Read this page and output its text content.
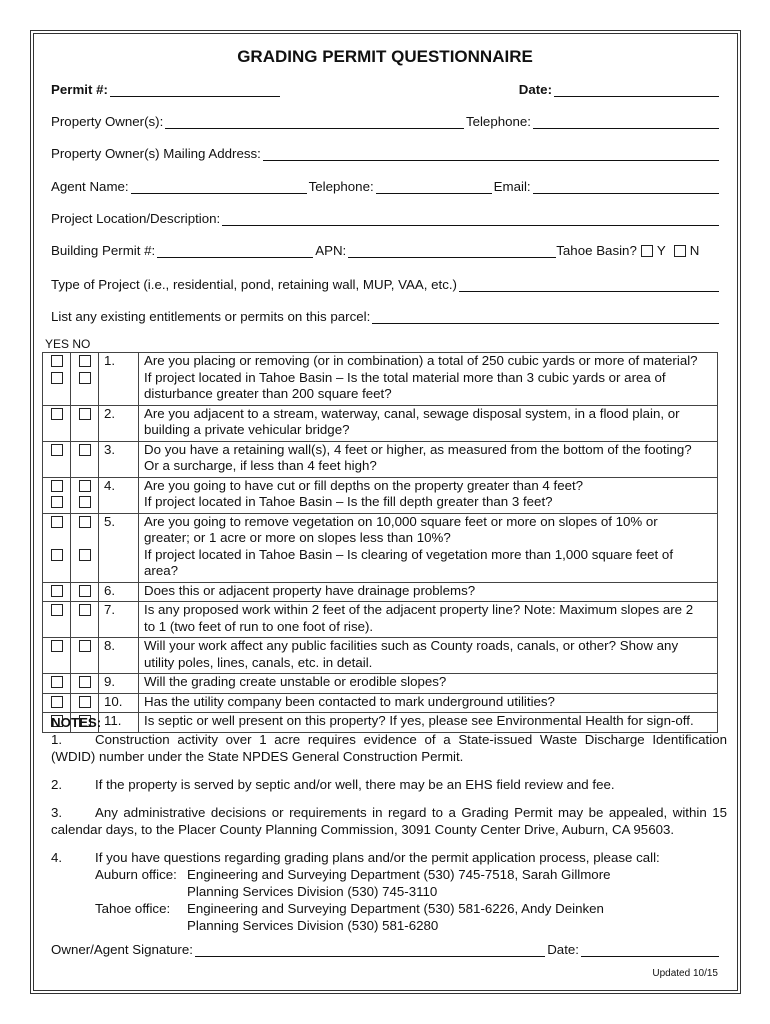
GRADING PERMIT QUESTIONNAIRE
Permit #:	Date:
Property Owner(s):	Telephone:
Property Owner(s) Mailing Address:
Agent Name:	Telephone:	Email:
Project Location/Description:
Building Permit #:	APN:	Tahoe Basin? Y N
Type of Project (i.e., residential, pond, retaining wall, MUP, VAA, etc.)
List any existing entitlements or permits on this parcel:
YES NO

	1.	Are you placing or removing (or in combination) a total of 250 cubic yards or more of material?
If project located in Tahoe Basin – Is the total material more than 3 cubic yards or area of
disturbance greater than 200 square feet?

	2.	Are you adjacent to a stream, waterway, canal, sewage disposal system, in a flood plain, or
building a private vehicular bridge?

	3.	Do you have a retaining wall(s), 4 feet or higher, as measured from the bottom of the footing?
Or a surcharge, if less than 4 feet high?

	4.	Are you going to have cut or fill depths on the property greater than 4 feet?
If project located in Tahoe Basin – Is the fill depth greater than 3 feet?

	5.	Are you going to remove vegetation on 10,000 square feet or more on slopes of 10% or
greater; or 1 acre or more on slopes less than 10%?
If project located in Tahoe Basin – Is clearing of vegetation more than 1,000 square feet of
area?

	6.	Does this or adjacent property have drainage problems?

	7.	Is any proposed work within 2 feet of the adjacent property line? Note: Maximum slopes are 2
to 1 (two feet of run to one foot of rise).

	8.	Will your work affect any public facilities such as County roads, canals, or other? Show any
utility poles, lines, canals, etc. in detail.

	9.	Will the grading create unstable or erodible slopes?

	10.	Has the utility company been contacted to mark underground utilities?

	11.	Is septic or well present on this property? If yes, please see Environmental Health for sign-off.
NOTES:
1. Construction activity over 1 acre requires evidence of a State-issued Waste Discharge Identification (WDID) number under the State NPDES General Construction Permit.
2. If the property is served by septic and/or well, there may be an EHS field review and fee.
3. Any administrative decisions or requirements in regard to a Grading Permit may be appealed, within 15 calendar days, to the Placer County Planning Commission, 3091 County Center Drive, Auburn, CA 95603.
4. If you have questions regarding grading plans and/or the permit application process, please call:
Auburn office: Engineering and Surveying Department (530) 745-7518, Sarah Gillmore
Planning Services Division (530) 745-3110
Tahoe office:	Engineering and Surveying Department (530) 581-6226, Andy Deinken
Planning Services Division (530) 581-6280
Owner/Agent Signature:	Date:
Updated 10/15
